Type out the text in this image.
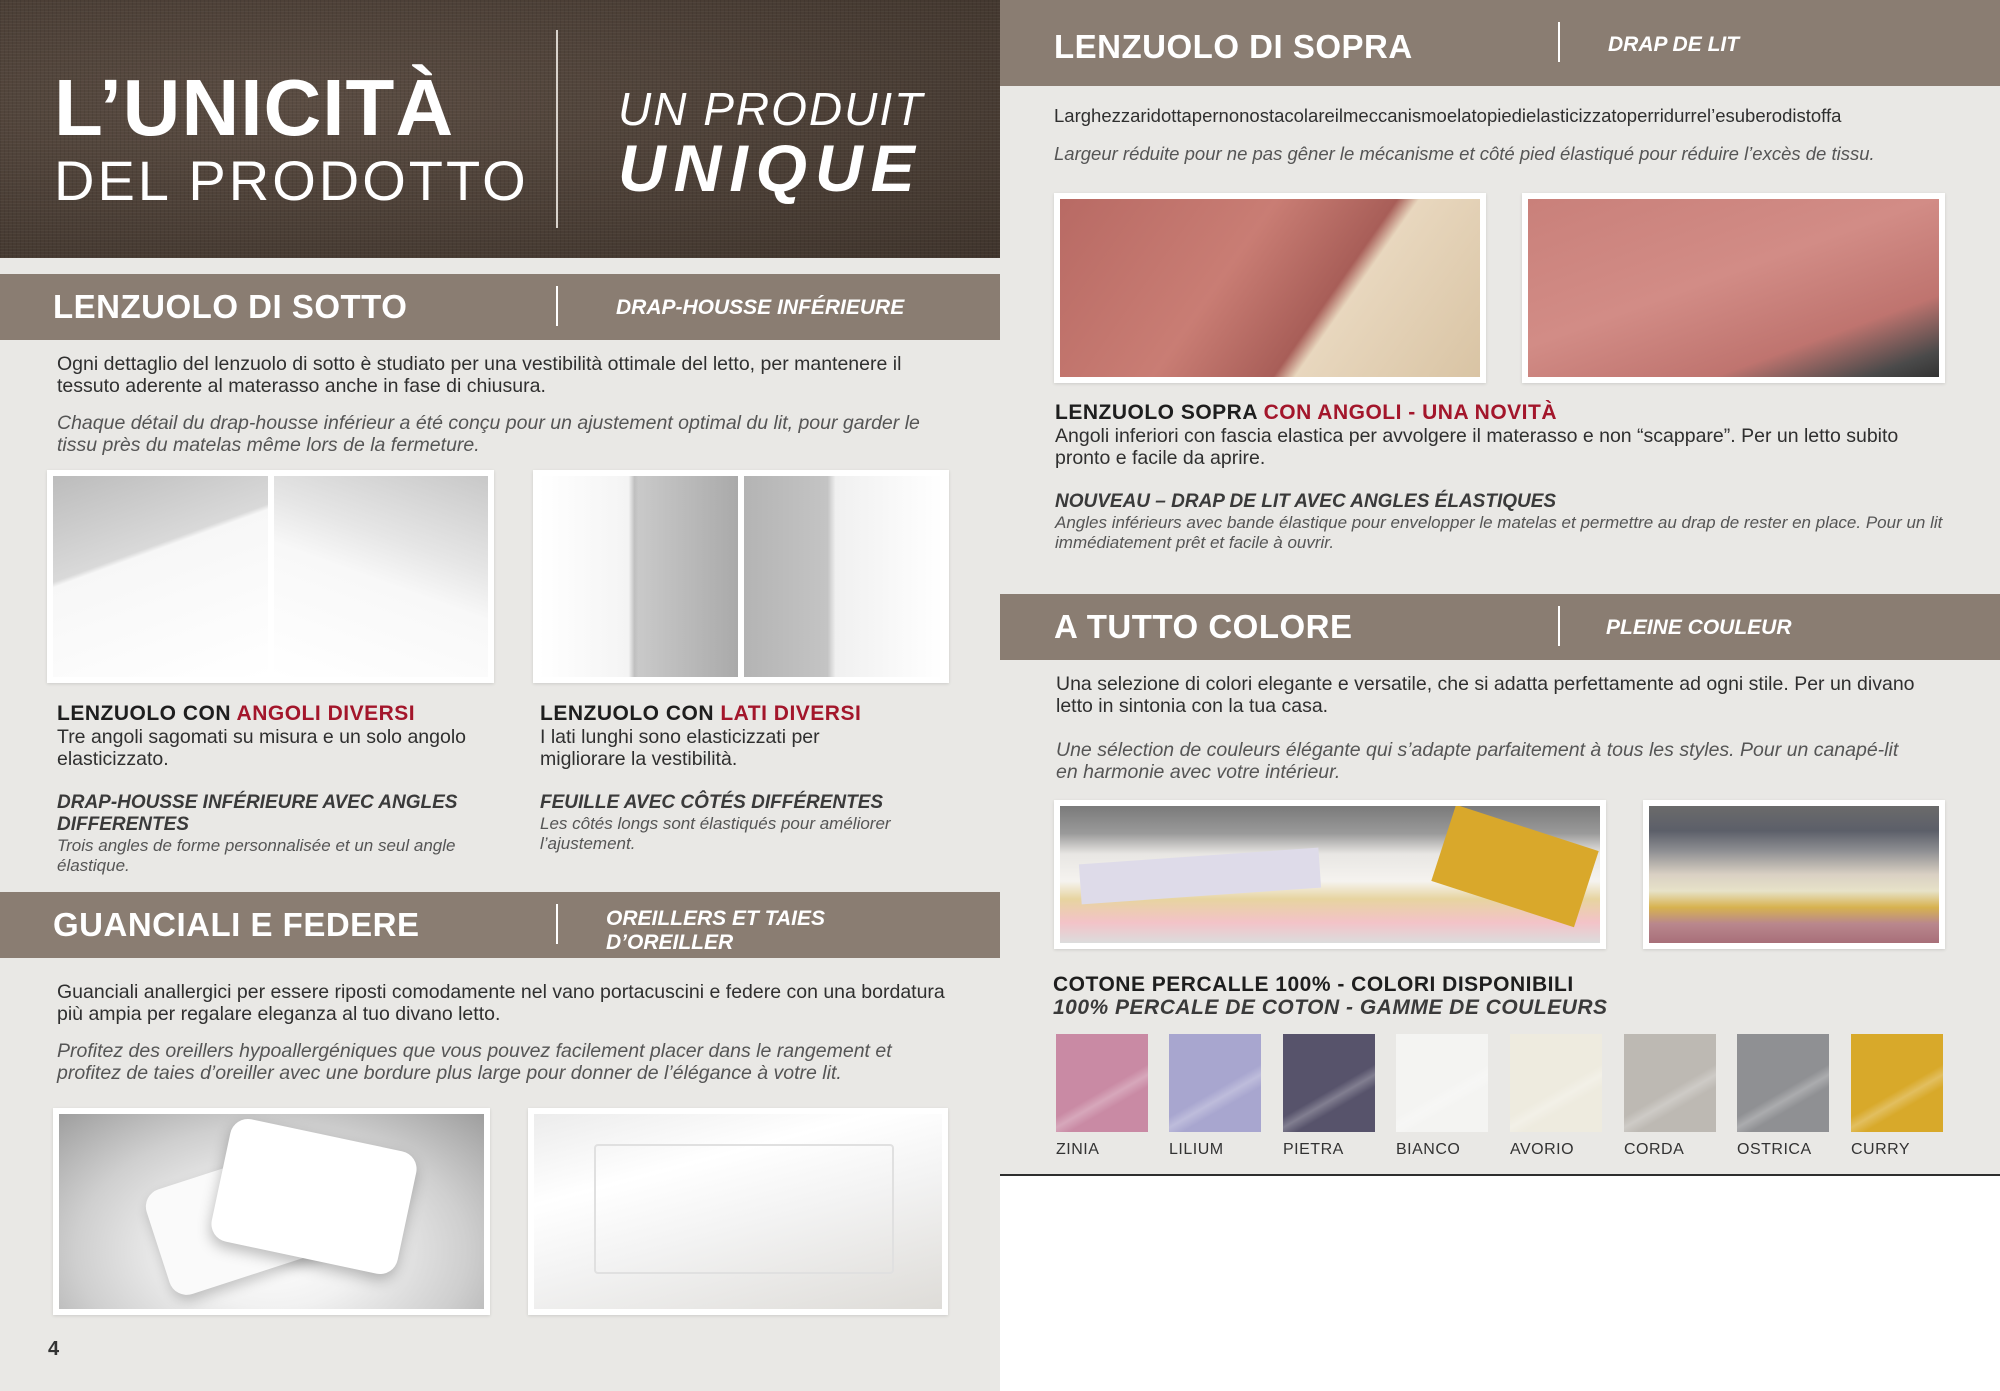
L’UNICITÀ
DEL PRODOTTO
UN PRODUIT
UNIQUE
LENZUOLO DI SOTTO	DRAP-HOUSSE INFÉRIEURE
Ogni dettaglio del lenzuolo di sotto è studiato per una vestibilità ottimale del letto, per mantenere il tessuto aderente al materasso anche in fase di chiusura.
Chaque détail du drap-housse inférieur a été conçu pour un ajustement optimal du lit, pour garder le tissu près du matelas même lors de la fermeture.
LENZUOLO CON ANGOLI DIVERSI
Tre angoli sagomati su misura e un solo angolo elasticizzato.
DRAP-HOUSSE INFÉRIEURE AVEC ANGLES DIFFERENTES
Trois angles de forme personnalisée et un seul angle élastique.
LENZUOLO CON LATI DIVERSI
I lati lunghi sono elasticizzati per migliorare la vestibilità.
FEUILLE AVEC CÔTÉS DIFFÉRENTES
Les côtés longs sont élastiqués pour améliorer l’ajustement.
GUANCIALI E FEDERE	OREILLERS ET TAIES D’OREILLER
Guanciali anallergici per essere riposti comodamente nel vano portacuscini e federe con una bordatura più ampia per regalare eleganza al tuo divano letto.
Profitez des oreillers hypoallergéniques que vous pouvez facilement placer dans le rangement et profitez de taies d’oreiller avec une bordure plus large pour donner de l’élégance à votre lit.
4
LENZUOLO DI SOPRA	DRAP DE LIT
Larghezzaridottapernonostacolareilmeccanismoelatopiedielasticizzatoperridurrel’esuberodistoffa
Largeur réduite pour ne pas gêner le mécanisme et côté pied élastiqué pour réduire l’excès de tissu.
LENZUOLO SOPRA CON ANGOLI - UNA NOVITÀ
Angoli inferiori con fascia elastica per avvolgere il materasso e non “scappare”. Per un letto subito pronto e facile da aprire.
NOUVEAU – DRAP DE LIT AVEC ANGLES ÉLASTIQUES
Angles inférieurs avec bande élastique pour envelopper le matelas et permettre au drap de rester en place. Pour un lit immédiatement prêt et facile à ouvrir.
A TUTTO COLORE	PLEINE COULEUR
Una selezione di colori elegante e versatile, che si adatta perfettamente ad ogni stile. Per un divano letto in sintonia con la tua casa.
Une sélection de couleurs élégante qui s’adapte parfaitement à tous les styles. Pour un canapé-lit en harmonie avec votre intérieur.
COTONE PERCALLE 100% - COLORI DISPONIBILI
100% PERCALE DE COTON - GAMME DE COULEURS
ZINIA	LILIUM	PIETRA	BIANCO	AVORIO	CORDA	OSTRICA CURRY
